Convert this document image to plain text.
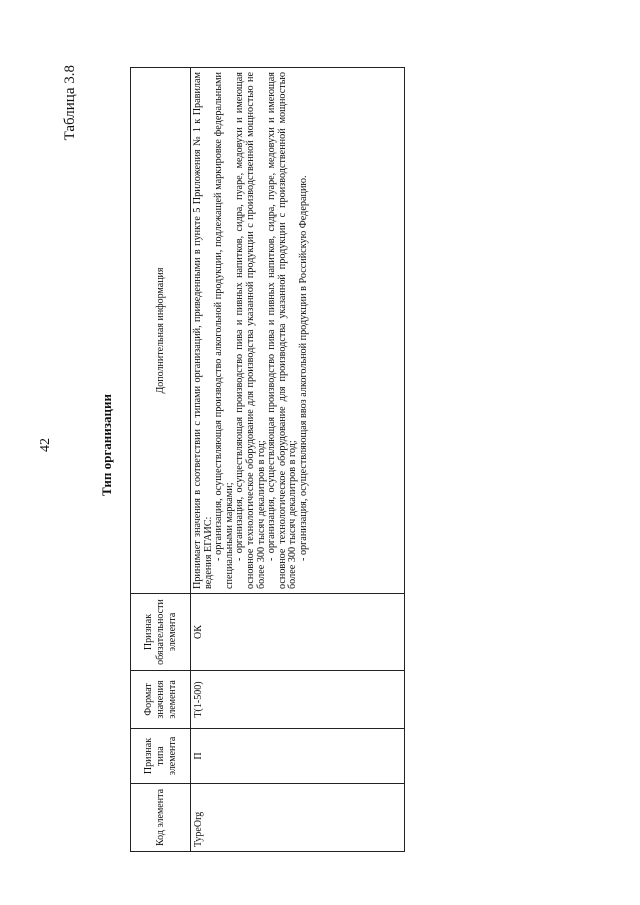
42
Таблица 3.8
Тип организации
Код элемента	Признак типа элемента	Формат значения элемента	Признак обязательности элемента	Дополнительная информация
TypeOrg	П	T(1-500)	ОК	Принимает значения в соответствии с типами организаций, приведенными в пункте 5 Приложения № 1 к Правилам ведения ЕГАИС: - организация, осуществляющая производство алкогольной продукции, подлежащей маркировке федеральными специальными марками; - организация, осуществляющая производство пива и пивных напитков, сидра, пуаре, медовухи и имеющая основное технологическое оборудование для производства указанной продукции с производственной мощностью не более 300 тысяч декалитров в год; - организация, осуществляющая производство пива и пивных напитков, сидра, пуаре, медовухи и имеющая основное технологическое оборудование для производства указанной продукции с производственной мощностью более 300 тысяч декалитров в год; - организация, осуществляющая ввоз алкогольной продукции в Российскую Федерацию.
